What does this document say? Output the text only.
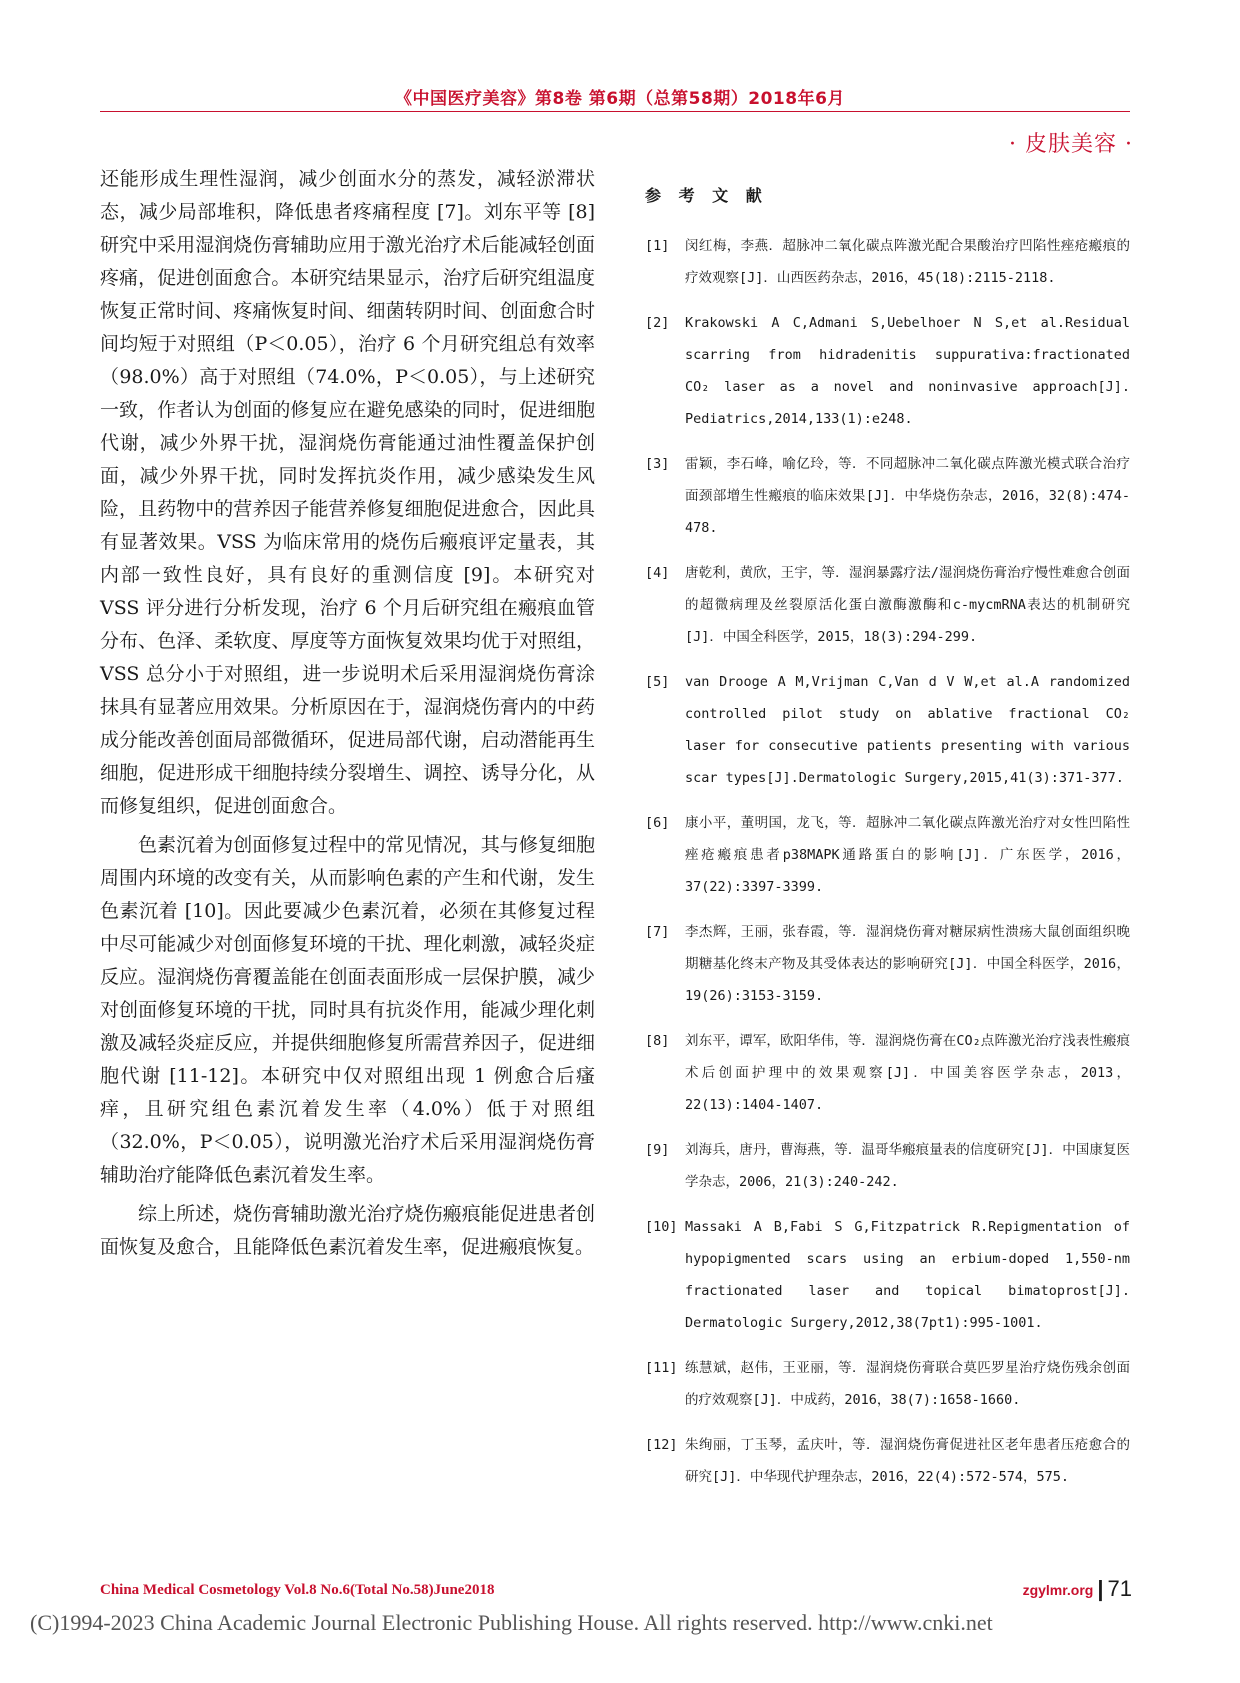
《中国医疗美容》第8卷 第6期（总第58期）2018年6月
· 皮肤美容 ·

还能形成生理性湿润，减少创面水分的蒸发，减轻淤滞状态，减少局部堆积，降低患者疼痛程度 [7]。刘东平等 [8] 研究中采用湿润烧伤膏辅助应用于激光治疗术后能减轻创面疼痛，促进创面愈合。本研究结果显示，治疗后研究组温度恢复正常时间、疼痛恢复时间、细菌转阴时间、创面愈合时间均短于对照组（P＜0.05），治疗 6 个月研究组总有效率（98.0%）高于对照组（74.0%，P＜0.05），与上述研究一致，作者认为创面的修复应在避免感染的同时，促进细胞代谢，减少外界干扰，湿润烧伤膏能通过油性覆盖保护创面，减少外界干扰，同时发挥抗炎作用，减少感染发生风险，且药物中的营养因子能营养修复细胞促进愈合，因此具有显著效果。VSS 为临床常用的烧伤后瘢痕评定量表，其内部一致性良好，具有良好的重测信度 [9]。本研究对 VSS 评分进行分析发现，治疗 6 个月后研究组在瘢痕血管分布、色泽、柔软度、厚度等方面恢复效果均优于对照组，VSS 总分小于对照组，进一步说明术后采用湿润烧伤膏涂抹具有显著应用效果。分析原因在于，湿润烧伤膏内的中药成分能改善创面局部微循环，促进局部代谢，启动潜能再生细胞，促进形成干细胞持续分裂增生、调控、诱导分化，从而修复组织，促进创面愈合。

色素沉着为创面修复过程中的常见情况，其与修复细胞周围内环境的改变有关，从而影响色素的产生和代谢，发生色素沉着 [10]。因此要减少色素沉着，必须在其修复过程中尽可能减少对创面修复环境的干扰、理化刺激，减轻炎症反应。湿润烧伤膏覆盖能在创面表面形成一层保护膜，减少对创面修复环境的干扰，同时具有抗炎作用，能减少理化刺激及减轻炎症反应，并提供细胞修复所需营养因子，促进细胞代谢 [11-12]。本研究中仅对照组出现 1 例愈合后瘙痒，且研究组色素沉着发生率（4.0%）低于对照组（32.0%，P＜0.05），说明激光治疗术后采用湿润烧伤膏辅助治疗能降低色素沉着发生率。

综上所述，烧伤膏辅助激光治疗烧伤瘢痕能促进患者创面恢复及愈合，且能降低色素沉着发生率，促进瘢痕恢复。

参 考 文 献
[1] 闵红梅，李燕．超脉冲二氧化碳点阵激光配合果酸治疗凹陷性痤疮瘢痕的疗效观察[J]．山西医药杂志，2016，45(18):2115-2118.
[2] Krakowski A C,Admani S,Uebelhoer N S,et al.Residual scarring from hidradenitis suppurativa:fractionated CO₂ laser as a novel and noninvasive approach[J]. Pediatrics,2014,133(1):e248.
[3] 雷颖，李石峰，喻亿玲，等．不同超脉冲二氧化碳点阵激光模式联合治疗面颈部增生性瘢痕的临床效果[J]．中华烧伤杂志，2016，32(8):474-478.
[4] 唐乾利，黄欣，王宇，等．湿润暴露疗法/湿润烧伤膏治疗慢性难愈合创面的超微病理及丝裂原活化蛋白激酶激酶和c-mycmRNA表达的机制研究[J]．中国全科医学，2015，18(3):294-299.
[5] van Drooge A M,Vrijman C,Van d V W,et al.A randomized controlled pilot study on ablative fractional CO₂ laser for consecutive patients presenting with various scar types[J].Dermatologic Surgery,2015,41(3):371-377.
[6] 康小平，董明国，龙飞，等．超脉冲二氧化碳点阵激光治疗对女性凹陷性痤疮瘢痕患者p38MAPK通路蛋白的影响[J]．广东医学，2016，37(22):3397-3399.
[7] 李杰辉，王丽，张春霞，等．湿润烧伤膏对糖尿病性溃疡大鼠创面组织晚期糖基化终末产物及其受体表达的影响研究[J]．中国全科医学，2016，19(26):3153-3159.
[8] 刘东平，谭军，欧阳华伟，等．湿润烧伤膏在CO₂点阵激光治疗浅表性瘢痕术后创面护理中的效果观察[J]．中国美容医学杂志，2013，22(13):1404-1407.
[9] 刘海兵，唐丹，曹海燕，等．温哥华瘢痕量表的信度研究[J]．中国康复医学杂志，2006，21(3):240-242.
[10] Massaki A B,Fabi S G,Fitzpatrick R.Repigmentation of hypopigmented scars using an erbium-doped 1,550-nm fractionated laser and topical bimatoprost[J]. Dermatologic Surgery,2012,38(7pt1):995-1001.
[11] 练慧斌，赵伟，王亚丽，等．湿润烧伤膏联合莫匹罗星治疗烧伤残余创面的疗效观察[J]．中成药，2016，38(7):1658-1660.
[12] 朱绚丽，丁玉琴，孟庆叶，等．湿润烧伤膏促进社区老年患者压疮愈合的研究[J]．中华现代护理杂志，2016，22(4):572-574，575.
China Medical Cosmetology Vol.8 No.6(Total No.58)June2018	zgylmr.org | 71
(C)1994-2023 China Academic Journal Electronic Publishing House. All rights reserved. http://www.cnki.net
